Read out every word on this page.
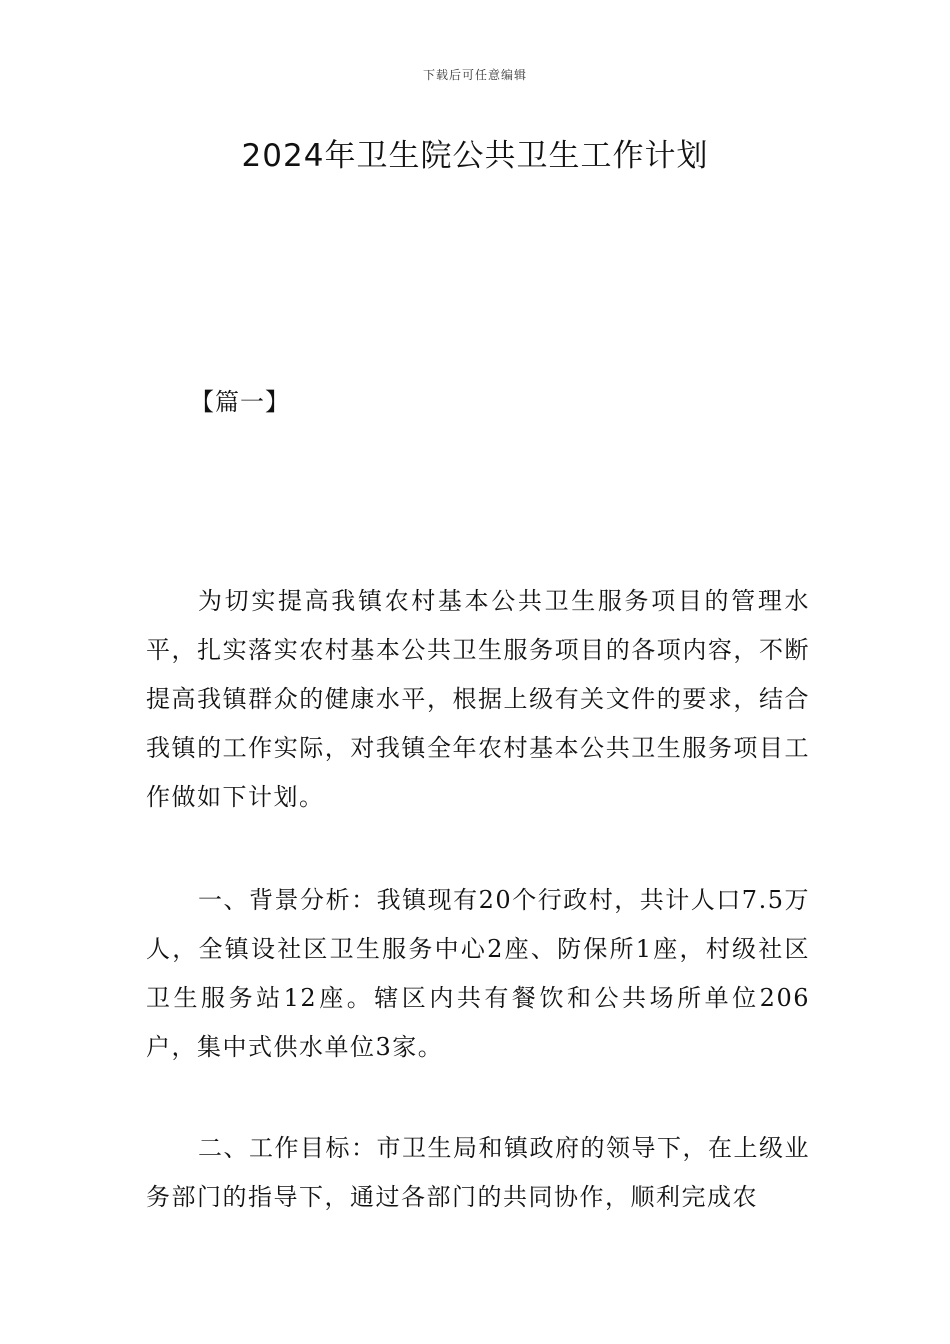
下载后可任意编辑
2024年卫生院公共卫生工作计划
【篇一】

为切实提高我镇农村基本公共卫生服务项目的管理水平，扎实落实农村基本公共卫生服务项目的各项内容，不断提高我镇群众的健康水平，根据上级有关文件的要求，结合我镇的工作实际，对我镇全年农村基本公共卫生服务项目工作做如下计划。

一、背景分析：我镇现有20个行政村，共计人口7.5万人，全镇设社区卫生服务中心2座、防保所1座，村级社区卫生服务站12座。辖区内共有餐饮和公共场所单位206户，集中式供水单位3家。

二、工作目标：市卫生局和镇政府的领导下，在上级业务部门的指导下，通过各部门的共同协作，顺利完成农
